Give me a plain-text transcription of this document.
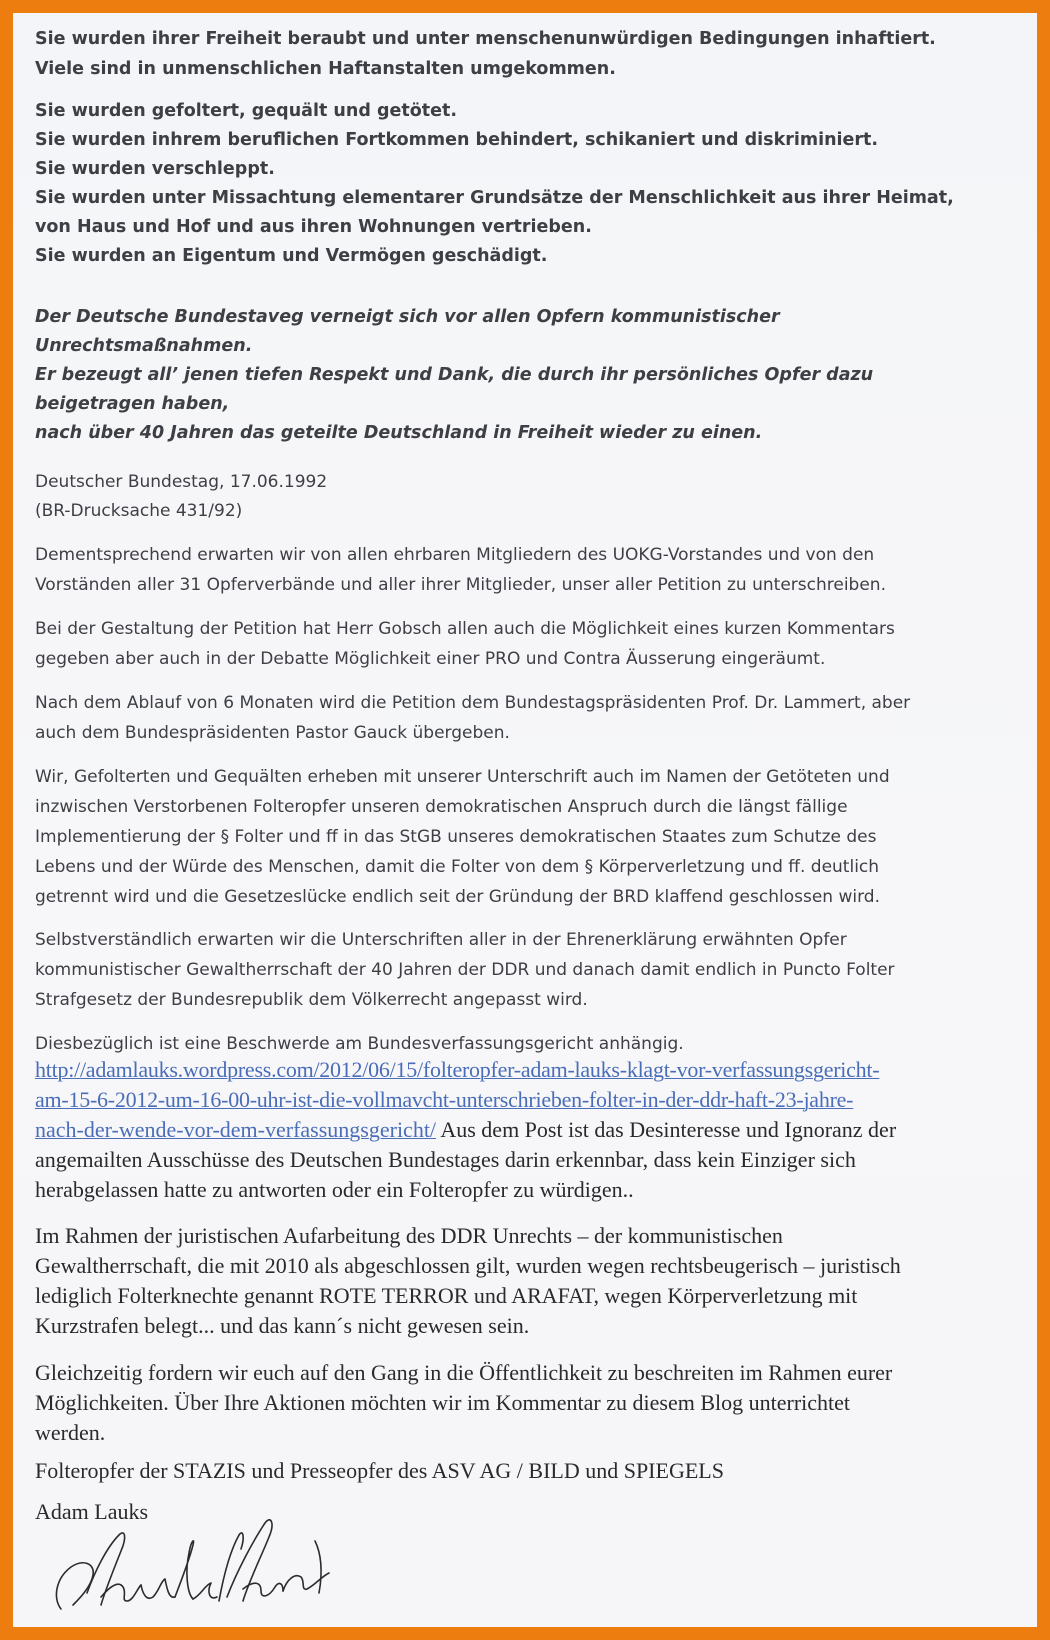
Sie wurden ihrer Freiheit beraubt und unter menschenunwürdigen Bedingungen inhaftiert.
Viele sind in unmenschlichen Haftanstalten umgekommen.
Sie wurden gefoltert, gequält und getötet.
Sie wurden inhrem beruflichen Fortkommen behindert, schikaniert und diskriminiert.
Sie wurden verschleppt.
Sie wurden unter Missachtung elementarer Grundsätze der Menschlichkeit aus ihrer Heimat,
von Haus und Hof und aus ihren Wohnungen vertrieben.
Sie wurden an Eigentum und Vermögen geschädigt.
Der Deutsche Bundestaveg verneigt sich vor allen Opfern kommunistischer
Unrechtsmaßnahmen.
Er bezeugt all’ jenen tiefen Respekt und Dank, die durch ihr persönliches Opfer dazu
beigetragen haben,
nach über 40 Jahren das geteilte Deutschland in Freiheit wieder zu einen.
Deutscher Bundestag, 17.06.1992
(BR-Drucksache 431/92)
Dementsprechend erwarten wir von allen ehrbaren Mitgliedern des UOKG-Vorstandes und von den
Vorständen aller 31 Opferverbände und aller ihrer Mitglieder, unser aller Petition zu unterschreiben.
Bei der Gestaltung der Petition hat Herr Gobsch allen auch die Möglichkeit eines kurzen Kommentars
gegeben aber auch in der Debatte Möglichkeit einer PRO und Contra Äusserung eingeräumt.
Nach dem Ablauf von 6 Monaten wird die Petition dem Bundestagspräsidenten Prof. Dr. Lammert, aber
auch dem Bundespräsidenten Pastor Gauck übergeben.
Wir, Gefolterten und Gequälten erheben mit unserer Unterschrift auch im Namen der Getöteten und
inzwischen Verstorbenen Folteropfer unseren demokratischen Anspruch durch die längst fällige
Implementierung der § Folter und ff in das StGB unseres demokratischen Staates zum Schutze des
Lebens und der Würde des Menschen, damit die Folter von dem § Körperverletzung und ff. deutlich
getrennt wird und die Gesetzeslücke endlich seit der Gründung der BRD klaffend geschlossen wird.
Selbstverständlich erwarten wir die Unterschriften aller in der Ehrenerklärung erwähnten Opfer
kommunistischer Gewaltherrschaft der 40 Jahren der DDR und danach damit endlich in Puncto Folter
Strafgesetz der Bundesrepublik dem Völkerrecht angepasst wird.
Diesbezüglich ist eine Beschwerde am Bundesverfassungsgericht anhängig.
http://adamlauks.wordpress.com/2012/06/15/folteropfer-adam-lauks-klagt-vor-verfassungsgericht-
am-15-6-2012-um-16-00-uhr-ist-die-vollmavcht-unterschrieben-folter-in-der-ddr-haft-23-jahre-
nach-der-wende-vor-dem-verfassungsgericht/ Aus dem Post ist das Desinteresse und Ignoranz der
angemailten Ausschüsse des Deutschen Bundestages darin erkennbar, dass kein Einziger sich
herabgelassen hatte zu antworten oder ein Folteropfer zu würdigen..
Im Rahmen der juristischen Aufarbeitung des DDR Unrechts – der kommunistischen
Gewaltherrschaft, die mit 2010 als abgeschlossen gilt, wurden wegen rechtsbeugerisch – juristisch
lediglich Folterknechte genannt ROTE TERROR und ARAFAT, wegen Körperverletzung mit
Kurzstrafen belegt... und das kann´s nicht gewesen sein.
Gleichzeitig fordern wir euch auf den Gang in die Öffentlichkeit zu beschreiten im Rahmen eurer
Möglichkeiten. Über Ihre Aktionen möchten wir im Kommentar zu diesem Blog unterrichtet
werden.
Folteropfer der STAZIS und Presseopfer des ASV AG / BILD und SPIEGELS
Adam Lauks
